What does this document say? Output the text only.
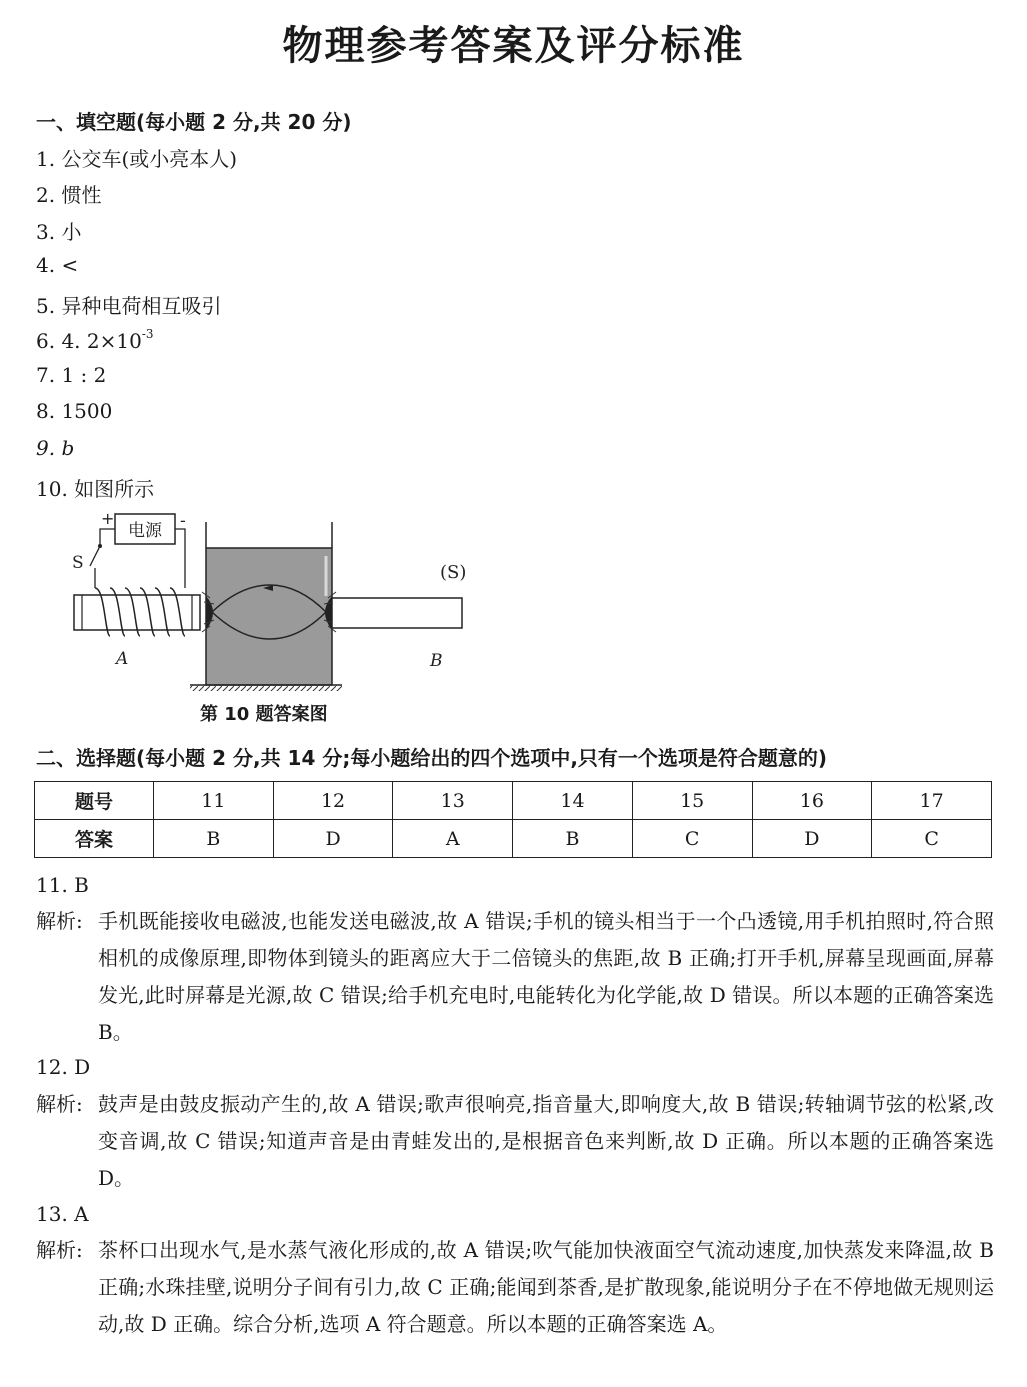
物理参考答案及评分标准
一、填空题(每小题 2 分,共 20 分)
1. 公交车(或小亮本人)
2. 惯性
3. 小
4. <
5. 异种电荷相互吸引
6. 4. $2\times 10^{-3}$
7. 1 : 2
8. 1500
9. b
10. 如图所示
电源
+	-
S	(S)
A	B
第 10 题答案图
二、选择题(每小题 2 分,共 14 分;每小题给出的四个选项中,只有一个选项是符合题意的)
题号	11	12	13	14	15	16	17
答案	B	D	A	B	C	D	C
11. B
解析: 手机既能接收电磁波,也能发送电磁波,故 A 错误;手机的镜头相当于一个凸透镜,用手机拍照时,符合照相机的成像原理,即物体到镜头的距离应大于二倍镜头的焦距,故 B 正确;打开手机,屏幕呈现画面,屏幕发光,此时屏幕是光源,故 C 错误;给手机充电时,电能转化为化学能,故 D 错误。所以本题的正确答案选 B。
12. D
解析: 鼓声是由鼓皮振动产生的,故 A 错误;歌声很响亮,指音量大,即响度大,故 B 错误;转轴调节弦的松紧,改变音调,故 C 错误;知道声音是由青蛙发出的,是根据音色来判断,故 D 正确。所以本题的正确答案选 D。
13. A
解析: 茶杯口出现水气,是水蒸气液化形成的,故 A 错误;吹气能加快液面空气流动速度,加快蒸发来降温,故 B 正确;水珠挂壁,说明分子间有引力,故 C 正确;能闻到茶香,是扩散现象,能说明分子在不停地做无规则运动,故 D 正确。综合分析,选项 A 符合题意。所以本题的正确答案选 A。
